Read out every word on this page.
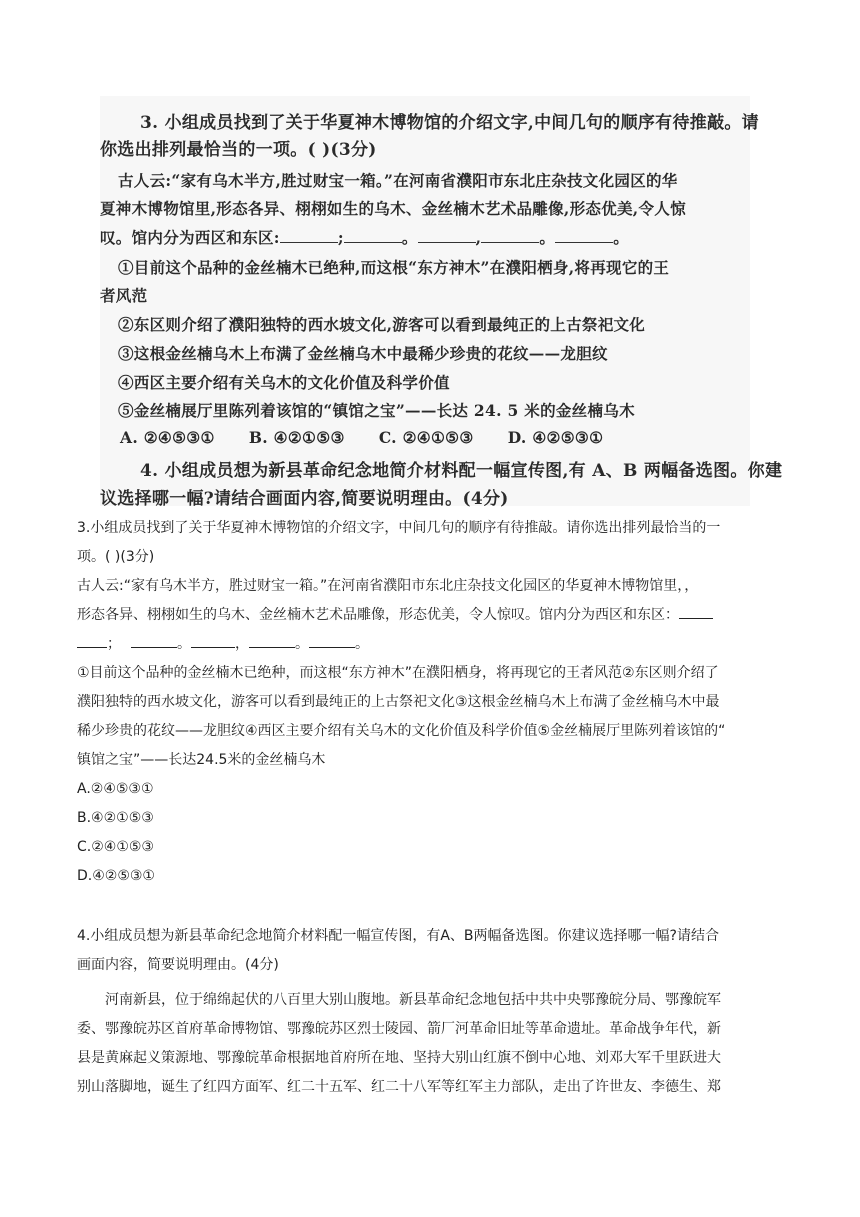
3. 小组成员找到了关于华夏神木博物馆的介绍文字,中间几句的顺序有待推敲。请
你选出排列最恰当的一项。( )(3分)
古人云:“家有乌木半方,胜过财宝一箱。”在河南省濮阳市东北庄杂技文化园区的华
夏神木博物馆里,形态各异、栩栩如生的乌木、金丝楠木艺术品雕像,形态优美,令人惊
叹。馆内分为西区和东区:	;	。	,	。	。
①目前这个品种的金丝楠木已绝种,而这根“东方神木”在濮阳栖身,将再现它的王
者风范
②东区则介绍了濮阳独特的西水坡文化,游客可以看到最纯正的上古祭祀文化
③这根金丝楠乌木上布满了金丝楠乌木中最稀少珍贵的花纹——龙胆纹
④西区主要介绍有关乌木的文化价值及科学价值
⑤金丝楠展厅里陈列着该馆的“镇馆之宝”——长达 24. 5 米的金丝楠乌木
A. ②④⑤③①      B. ④②①⑤③      C. ②④①⑤③      D. ④②⑤③①
4. 小组成员想为新县革命纪念地简介材料配一幅宣传图,有 A、B 两幅备选图。你建
议选择哪一幅?请结合画面内容,简要说明理由。(4分)

3.小组成员找到了关于华夏神木博物馆的介绍文字，中间几句的顺序有待推敲。请你选出排列最恰当的一

项。( )(3分)

古人云:“家有乌木半方，胜过财宝一箱。”在河南省濮阳市东北庄杂技文化园区的华夏神木博物馆里，，

形态各异、栩栩如生的乌木、金丝楠木艺术品雕像，形态优美，令人惊叹。馆内分为西区和东区：

；	。	，	。	。

①目前这个品种的金丝楠木已绝种，而这根“东方神木”在濮阳栖身，将再现它的王者风范②东区则介绍了

濮阳独特的西水坡文化，游客可以看到最纯正的上古祭祀文化③这根金丝楠乌木上布满了金丝楠乌木中最

稀少珍贵的花纹——龙胆纹④西区主要介绍有关乌木的文化价值及科学价值⑤金丝楠展厅里陈列着该馆的“

镇馆之宝”——长达24.5米的金丝楠乌木

A.②④⑤③①

B.④②①⑤③

C.②④①⑤③

D.④②⑤③①

4.小组成员想为新县革命纪念地简介材料配一幅宣传图，有A、B两幅备选图。你建议选择哪一幅?请结合

画面内容，简要说明理由。(4分)

河南新县，位于绵绵起伏的八百里大别山腹地。新县革命纪念地包括中共中央鄂豫皖分局、鄂豫皖军

委、鄂豫皖苏区首府革命博物馆、鄂豫皖苏区烈士陵园、箭厂河革命旧址等革命遗址。革命战争年代，新

县是黄麻起义策源地、鄂豫皖革命根据地首府所在地、坚持大别山红旗不倒中心地、刘邓大军千里跃进大

别山落脚地，诞生了红四方面军、红二十五军、红二十八军等红军主力部队，走出了许世友、李德生、郑
